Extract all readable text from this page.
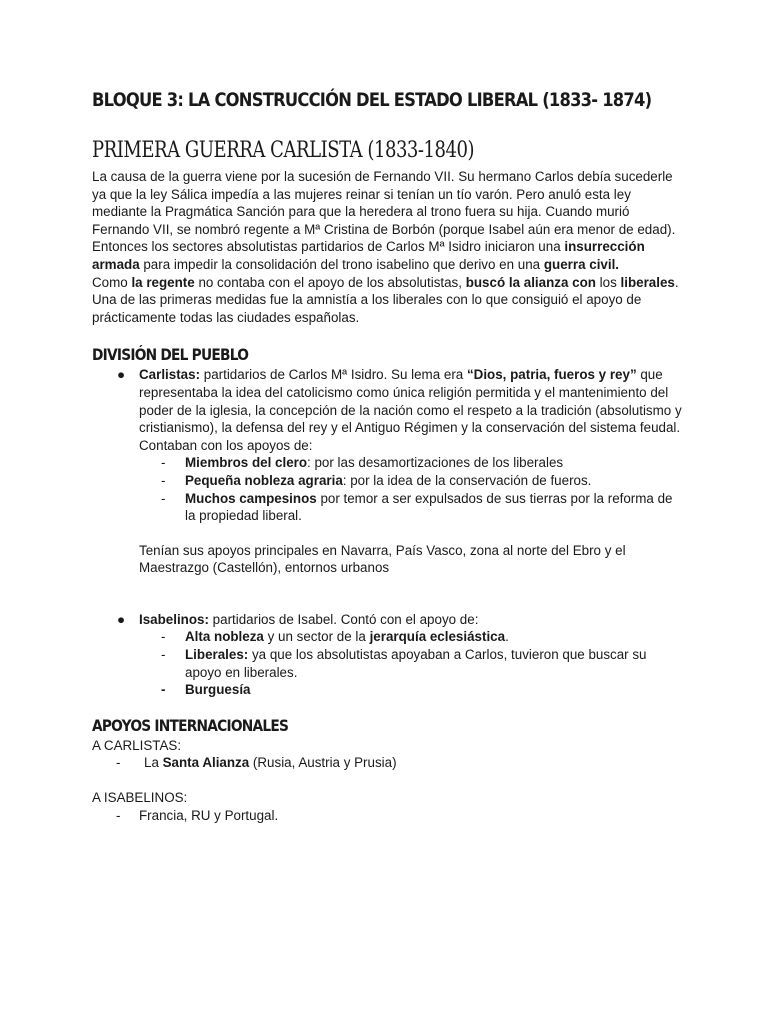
BLOQUE 3: LA CONSTRUCCIÓN DEL ESTADO LIBERAL (1833- 1874)
PRIMERA GUERRA CARLISTA (1833-1840)

La causa de la guerra viene por la sucesión de Fernando VII. Su hermano Carlos debía sucederle ya que la ley Sálica impedía a las mujeres reinar si tenían un tío varón. Pero anuló esta ley mediante la Pragmática Sanción para que la heredera al trono fuera su hija. Cuando murió Fernando VII, se nombró regente a Mª Cristina de Borbón (porque Isabel aún era menor de edad). Entonces los sectores absolutistas partidarios de Carlos Mª Isidro iniciaron una insurrección armada para impedir la consolidación del trono isabelino que derivo en una guerra civil.

Como la regente no contaba con el apoyo de los absolutistas, buscó la alianza con los liberales. Una de las primeras medidas fue la amnistía a los liberales con lo que consiguió el apoyo de prácticamente todas las ciudades españolas.

DIVISIÓN DEL PUEBLO
● Carlistas: partidarios de Carlos Mª Isidro. Su lema era “Dios, patria, fueros y rey” que representaba la idea del catolicismo como única religión permitida y el mantenimiento del poder de la iglesia, la concepción de la nación como el respeto a la tradición (absolutismo y cristianismo), la defensa del rey y el Antiguo Régimen y la conservación del sistema feudal.
Contaban con los apoyos de:
- Miembros del clero: por las desamortizaciones de los liberales
- Pequeña nobleza agraria: por la idea de la conservación de fueros.
- Muchos campesinos por temor a ser expulsados de sus tierras por la reforma de la propiedad liberal.
Tenían sus apoyos principales en Navarra, País Vasco, zona al norte del Ebro y el Maestrazgo (Castellón), entornos urbanos
● Isabelinos: partidarios de Isabel. Contó con el apoyo de:
- Alta nobleza y un sector de la jerarquía eclesiástica.
- Liberales: ya que los absolutistas apoyaban a Carlos, tuvieron que buscar su apoyo en liberales.
- Burguesía
APOYOS INTERNACIONALES
A CARLISTAS:
- La Santa Alianza (Rusia, Austria y Prusia)
A ISABELINOS:
- Francia, RU y Portugal.
